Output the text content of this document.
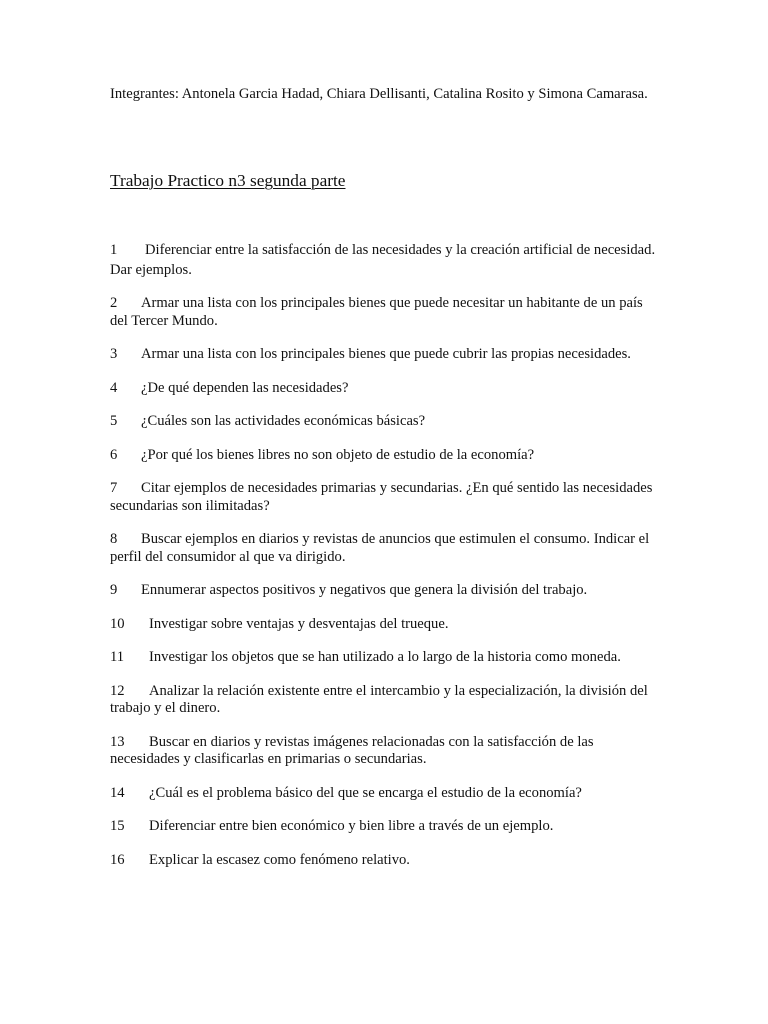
Integrantes: Antonela Garcia Hadad, Chiara Dellisanti, Catalina Rosito y Simona Camarasa.
Trabajo Practico n3 segunda parte
1 Diferenciar entre la satisfacción de las necesidades y la creación artificial de necesidad. Dar ejemplos.
2 Armar una lista con los principales bienes que puede necesitar un habitante de un país del Tercer Mundo.
3 Armar una lista con los principales bienes que puede cubrir las propias necesidades.
4 ¿De qué dependen las necesidades?
5 ¿Cuáles son las actividades económicas básicas?
6 ¿Por qué los bienes libres no son objeto de estudio de la economía?
7 Citar ejemplos de necesidades primarias y secundarias. ¿En qué sentido las necesidades secundarias son ilimitadas?
8 Buscar ejemplos en diarios y revistas de anuncios que estimulen el consumo. Indicar el perfil del consumidor al que va dirigido.
9 Ennumerar aspectos positivos y negativos que genera la división del trabajo.
10 Investigar sobre ventajas y desventajas del trueque.
11 Investigar los objetos que se han utilizado a lo largo de la historia como moneda.
12 Analizar la relación existente entre el intercambio y la especialización, la división del trabajo y el dinero.
13 Buscar en diarios y revistas imágenes relacionadas con la satisfacción de las necesidades y clasificarlas en primarias o secundarias.
14 ¿Cuál es el problema básico del que se encarga el estudio de la economía?
15 Diferenciar entre bien económico y bien libre a través de un ejemplo.
16 Explicar la escasez como fenómeno relativo.
